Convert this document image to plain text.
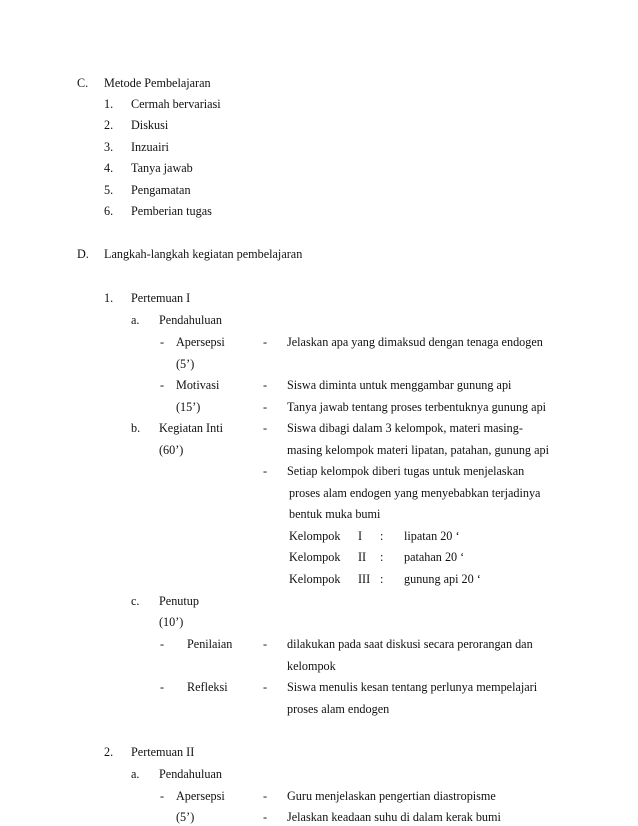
C. Metode Pembelajaran
1. Cermah bervariasi
2. Diskusi
3. Inzuairi
4. Tanya jawab
5. Pengamatan
6. Pemberian tugas
D. Langkah-langkah kegiatan pembelajaran
1. Pertemuan I
a. Pendahuluan
- Apersepsi	- Jelaskan apa yang dimaksud dengan tenaga endogen
(5’)
- Motivasi	- Siswa diminta untuk menggambar gunung api
(15’)	- Tanya jawab tentang proses terbentuknya gunung api
b. Kegiatan Inti	- Siswa dibagi dalam 3 kelompok, materi masing-
(60’)	masing kelompok materi lipatan, patahan, gunung api
- Setiap kelompok diberi tugas untuk menjelaskan
proses alam endogen yang menyebabkan terjadinya
bentuk muka bumi
Kelompok I : lipatan 20 ‘
Kelompok II : patahan 20 ‘
Kelompok III : gunung api 20 ‘
c. Penutup
(10’)
- Penilaian	- dilakukan pada saat diskusi secara perorangan dan
kelompok
- Refleksi	- Siswa menulis kesan tentang perlunya mempelajari
proses alam endogen
2. Pertemuan II
a. Pendahuluan
- Apersepsi	- Guru menjelaskan pengertian diastropisme
(5’)	- Jelaskan keadaan suhu di dalam kerak bumi
